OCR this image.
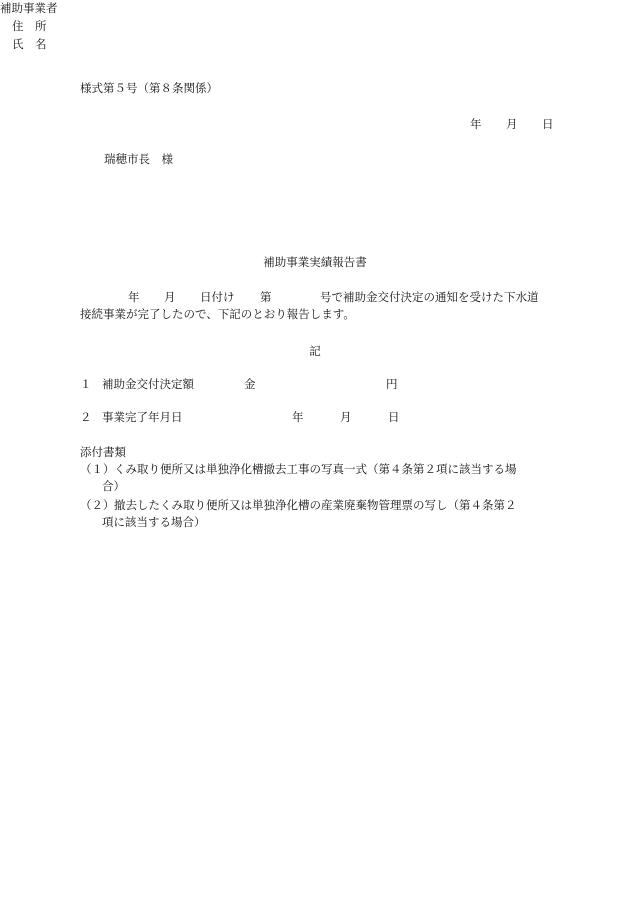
様式第５号（第８条関係）
年 月 日
瑞穂市長　様
補助事業者
住　所
氏　名
補助事業実績報告書
年 月 日付け 第	号で補助金交付決定の通知を受けた下水道
接続事業が完了したので、下記のとおり報告します。
記
１ 補助金交付決定額	金	円
２ 事業完了年月日	年	月	日
添付書類
（１） くみ取り便所又は単独浄化槽撤去工事の写真一式（第４条第２項に該当する場
合）
（２） 撤去したくみ取り便所又は単独浄化槽の産業廃棄物管理票の写し（第４条第２
項に該当する場合）
